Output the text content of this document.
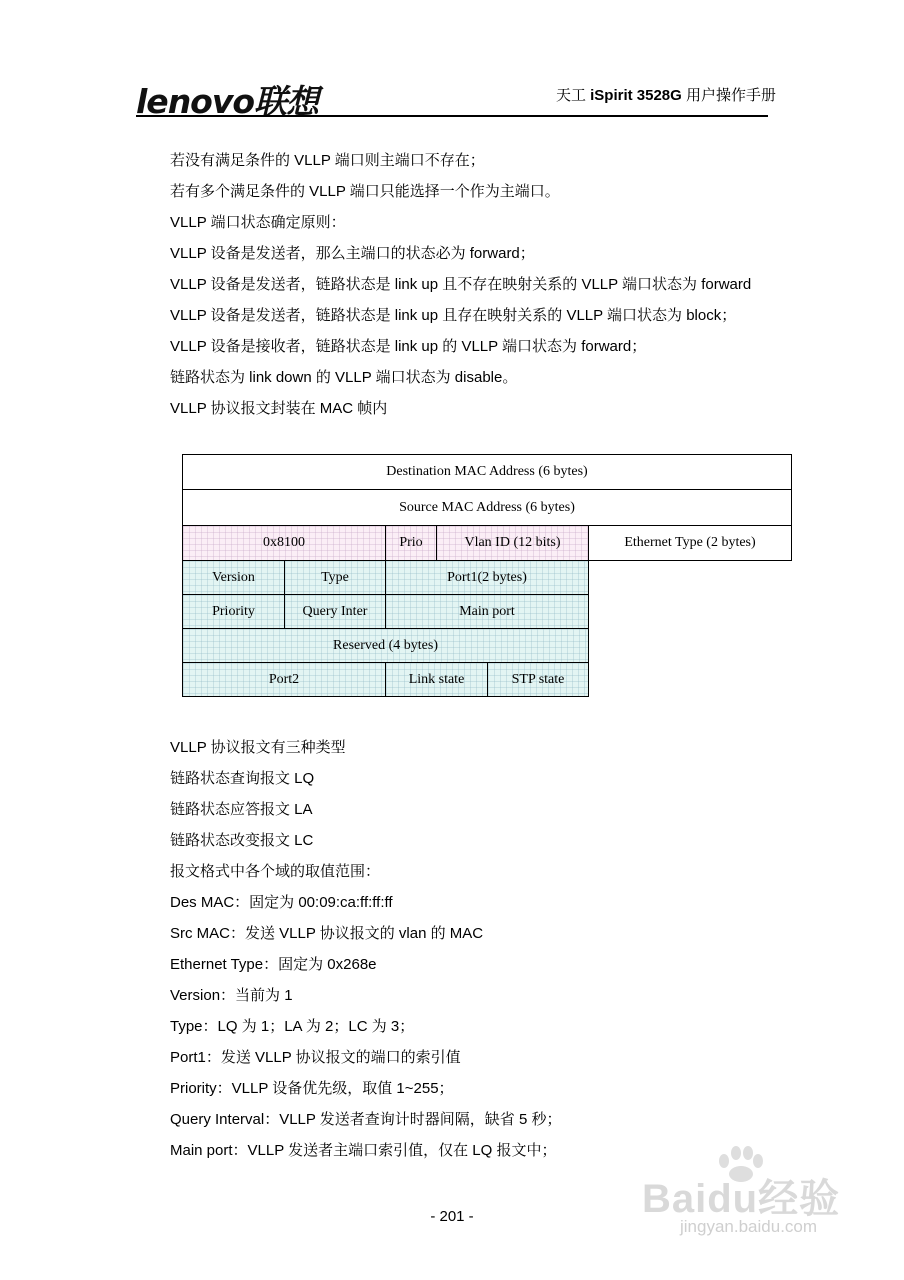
lenovo联想	天工 iSpirit 3528G 用户操作手册
若没有满足条件的 VLLP 端口则主端口不存在；
若有多个满足条件的 VLLP 端口只能选择一个作为主端口。
VLLP 端口状态确定原则：
VLLP 设备是发送者，那么主端口的状态必为 forward；
VLLP 设备是发送者，链路状态是 link up 且不存在映射关系的 VLLP 端口状态为 forward
VLLP 设备是发送者，链路状态是 link up 且存在映射关系的 VLLP 端口状态为 block；
VLLP 设备是接收者，链路状态是 link up 的 VLLP 端口状态为 forward；
链路状态为 link down 的 VLLP 端口状态为 disable。
VLLP 协议报文封装在 MAC 帧内
Destination MAC Address (6 bytes)
Source MAC Address (6 bytes)
0x8100	Prio	Vlan ID (12 bits)	Ethernet Type (2 bytes)
Version	Type	Port1(2 bytes)
Priority	Query Inter	Main port
Reserved (4 bytes)
Port2	Link state	STP state
VLLP 协议报文有三种类型
链路状态查询报文 LQ
链路状态应答报文 LA
链路状态改变报文 LC
报文格式中各个域的取值范围：
Des MAC：固定为 00:09:ca:ff:ff:ff
Src MAC：发送 VLLP 协议报文的 vlan 的 MAC
Ethernet Type：固定为 0x268e
Version：当前为 1
Type：LQ 为 1；LA 为 2；LC 为 3；
Port1：发送 VLLP 协议报文的端口的索引值
Priority：VLLP 设备优先级，取值 1~255；
Query Interval：VLLP 发送者查询计时器间隔，缺省 5 秒；
Main port：VLLP 发送者主端口索引值，仅在 LQ 报文中；
- 201 -	Baidu经验
jingyan.baidu.com
